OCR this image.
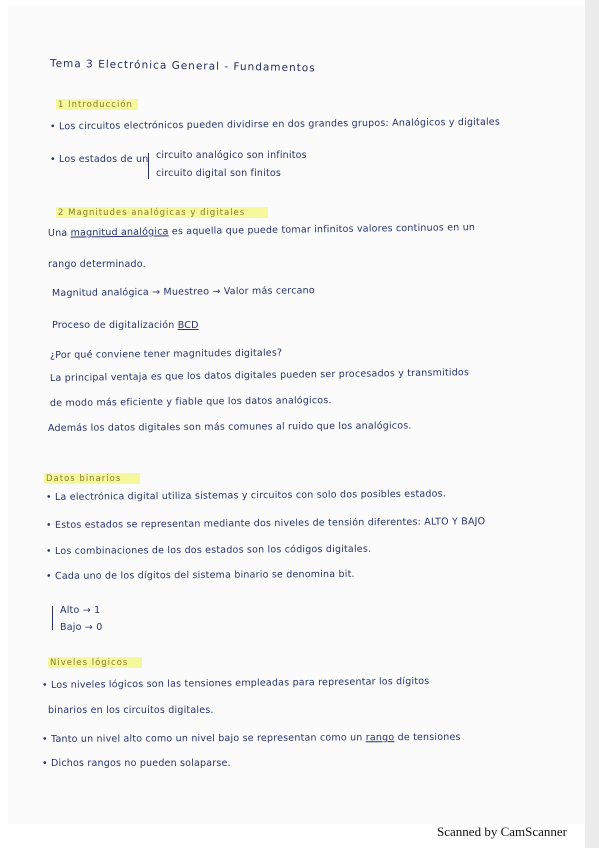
Tema 3 Electrónica General - Fundamentos
1 Introducción
• Los circuitos electrónicos pueden dividirse en dos grandes grupos: Analógicos y digitales
• Los estados de un circuito analógico son infinitos
circuito digital son finitos
2 Magnitudes analógicas y digitales
Una magnitud analógica es aquella que puede tomar infinitos valores continuos en un
rango determinado.
Magnitud analógica → Muestreo → Valor más cercano
Proceso de digitalización BCD
¿Por qué conviene tener magnitudes digitales?
La principal ventaja es que los datos digitales pueden ser procesados y transmitidos
de modo más eficiente y fiable que los datos analógicos.
Además los datos digitales son más comunes al ruido que los analógicos.
Datos binarios
• La electrónica digital utiliza sistemas y circuitos con solo dos posibles estados.
• Estos estados se representan mediante dos niveles de tensión diferentes: ALTO Y BAJO
• Los combinaciones de los dos estados son los códigos digitales.
• Cada uno de los dígitos del sistema binario se denomina bit.
Alto → 1
Bajo → 0
Niveles lógicos
• Los niveles lógicos son las tensiones empleadas para representar los dígitos
binarios en los circuitos digitales.
• Tanto un nivel alto como un nivel bajo se representan como un rango de tensiones
• Dichos rangos no pueden solaparse.
Scanned by CamScanner
